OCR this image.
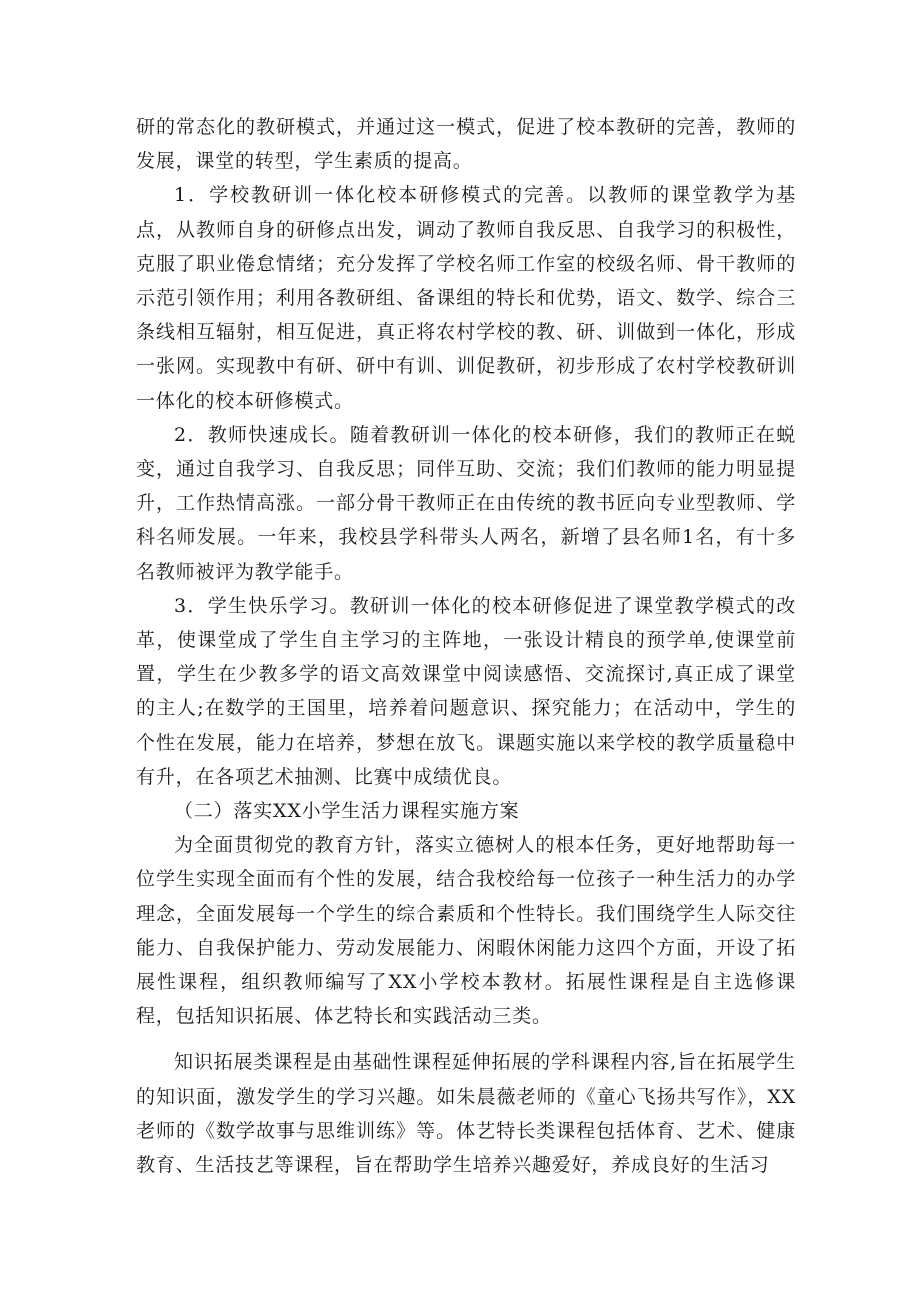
研的常态化的教研模式，并通过这一模式，促进了校本教研的完善，教师的发展，课堂的转型，学生素质的提高。

1．学校教研训一体化校本研修模式的完善。以教师的课堂教学为基点，从教师自身的研修点出发，调动了教师自我反思、自我学习的积极性，克服了职业倦怠情绪；充分发挥了学校名师工作室的校级名师、骨干教师的示范引领作用；利用各教研组、备课组的特长和优势，语文、数学、综合三条线相互辐射，相互促进，真正将农村学校的教、研、训做到一体化，形成一张网。实现教中有研、研中有训、训促教研，初步形成了农村学校教研训一体化的校本研修模式。

2．教师快速成长。随着教研训一体化的校本研修，我们的教师正在蜕变，通过自我学习、自我反思；同伴互助、交流；我们们教师的能力明显提升，工作热情高涨。一部分骨干教师正在由传统的教书匠向专业型教师、学科名师发展。一年来，我校县学科带头人两名，新增了县名师1名，有十多名教师被评为教学能手。

3．学生快乐学习。教研训一体化的校本研修促进了课堂教学模式的改革，使课堂成了学生自主学习的主阵地，一张设计精良的预学单,使课堂前置，学生在少教多学的语文高效课堂中阅读感悟、交流探讨,真正成了课堂的主人;在数学的王国里，培养着问题意识、探究能力；在活动中，学生的个性在发展，能力在培养，梦想在放飞。课题实施以来学校的教学质量稳中有升，在各项艺术抽测、比赛中成绩优良。

（二）落实XX小学生活力课程实施方案

为全面贯彻党的教育方针，落实立德树人的根本任务，更好地帮助每一位学生实现全面而有个性的发展，结合我校给每一位孩子一种生活力的办学理念，全面发展每一个学生的综合素质和个性特长。我们围绕学生人际交往能力、自我保护能力、劳动发展能力、闲暇休闲能力这四个方面，开设了拓展性课程，组织教师编写了XX小学校本教材。拓展性课程是自主选修课程，包括知识拓展、体艺特长和实践活动三类。

知识拓展类课程是由基础性课程延伸拓展的学科课程内容,旨在拓展学生的知识面，激发学生的学习兴趣。如朱晨薇老师的《童心飞扬共写作》，XX老师的《数学故事与思维训练》等。体艺特长类课程包括体育、艺术、健康教育、生活技艺等课程，旨在帮助学生培养兴趣爱好，养成良好的生活习
